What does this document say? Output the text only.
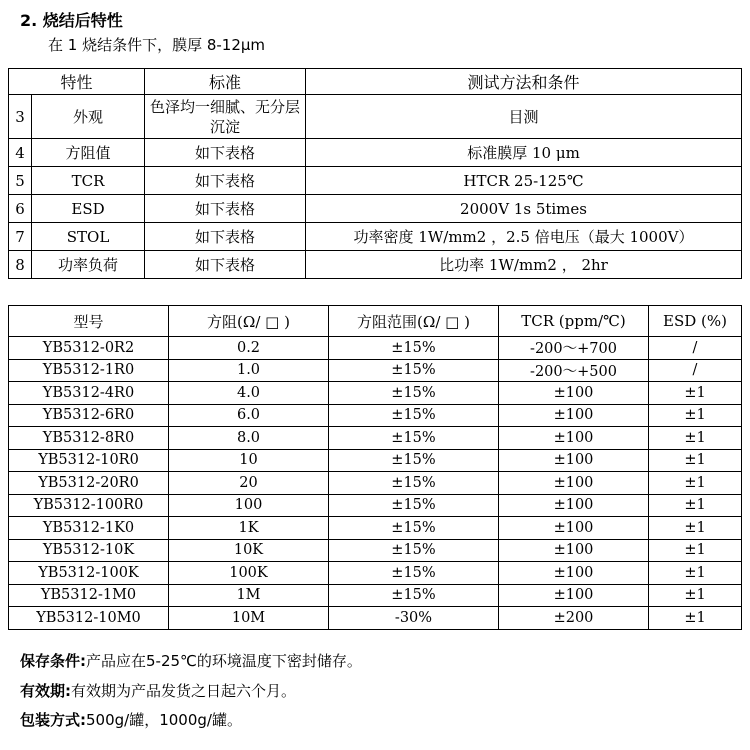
2. 烧结后特性
在 1 烧结条件下，膜厚 8-12μm
特性		标准	测试方法和条件
3	外观	色泽均一细腻、无分层沉淀	目测
4	方阻值	如下表格	标准膜厚 10 μm
5	TCR	如下表格	HTCR 25-125℃
6	ESD	如下表格	2000V 1s 5times
7	STOL	如下表格	功率密度 1W/mm2 ，2.5 倍电压（最大 1000V）
8	功率负荷	如下表格	比功率 1W/mm2 ， 2hr
型号	方阻(Ω/ □ )	方阻范围(Ω/ □ )	TCR (ppm/℃)	ESD (%)
YB5312-0R2	0.2	±15%	-200～+700	/
YB5312-1R0	1.0	±15%	-200～+500	/
YB5312-4R0	4.0	±15%	±100	±1
YB5312-6R0	6.0	±15%	±100	±1
YB5312-8R0	8.0	±15%	±100	±1
YB5312-10R0	10	±15%	±100	±1
YB5312-20R0	20	±15%	±100	±1
YB5312-100R0	100	±15%	±100	±1
YB5312-1K0	1K	±15%	±100	±1
YB5312-10K	10K	±15%	±100	±1
YB5312-100K	100K	±15%	±100	±1
YB5312-1M0	1M	±15%	±100	±1
YB5312-10M0	10M	-30%	±200	±1
保存条件:产品应在5-25℃的环境温度下密封储存。
有效期:有效期为产品发货之日起六个月。
包装方式:500g/罐，1000g/罐。
